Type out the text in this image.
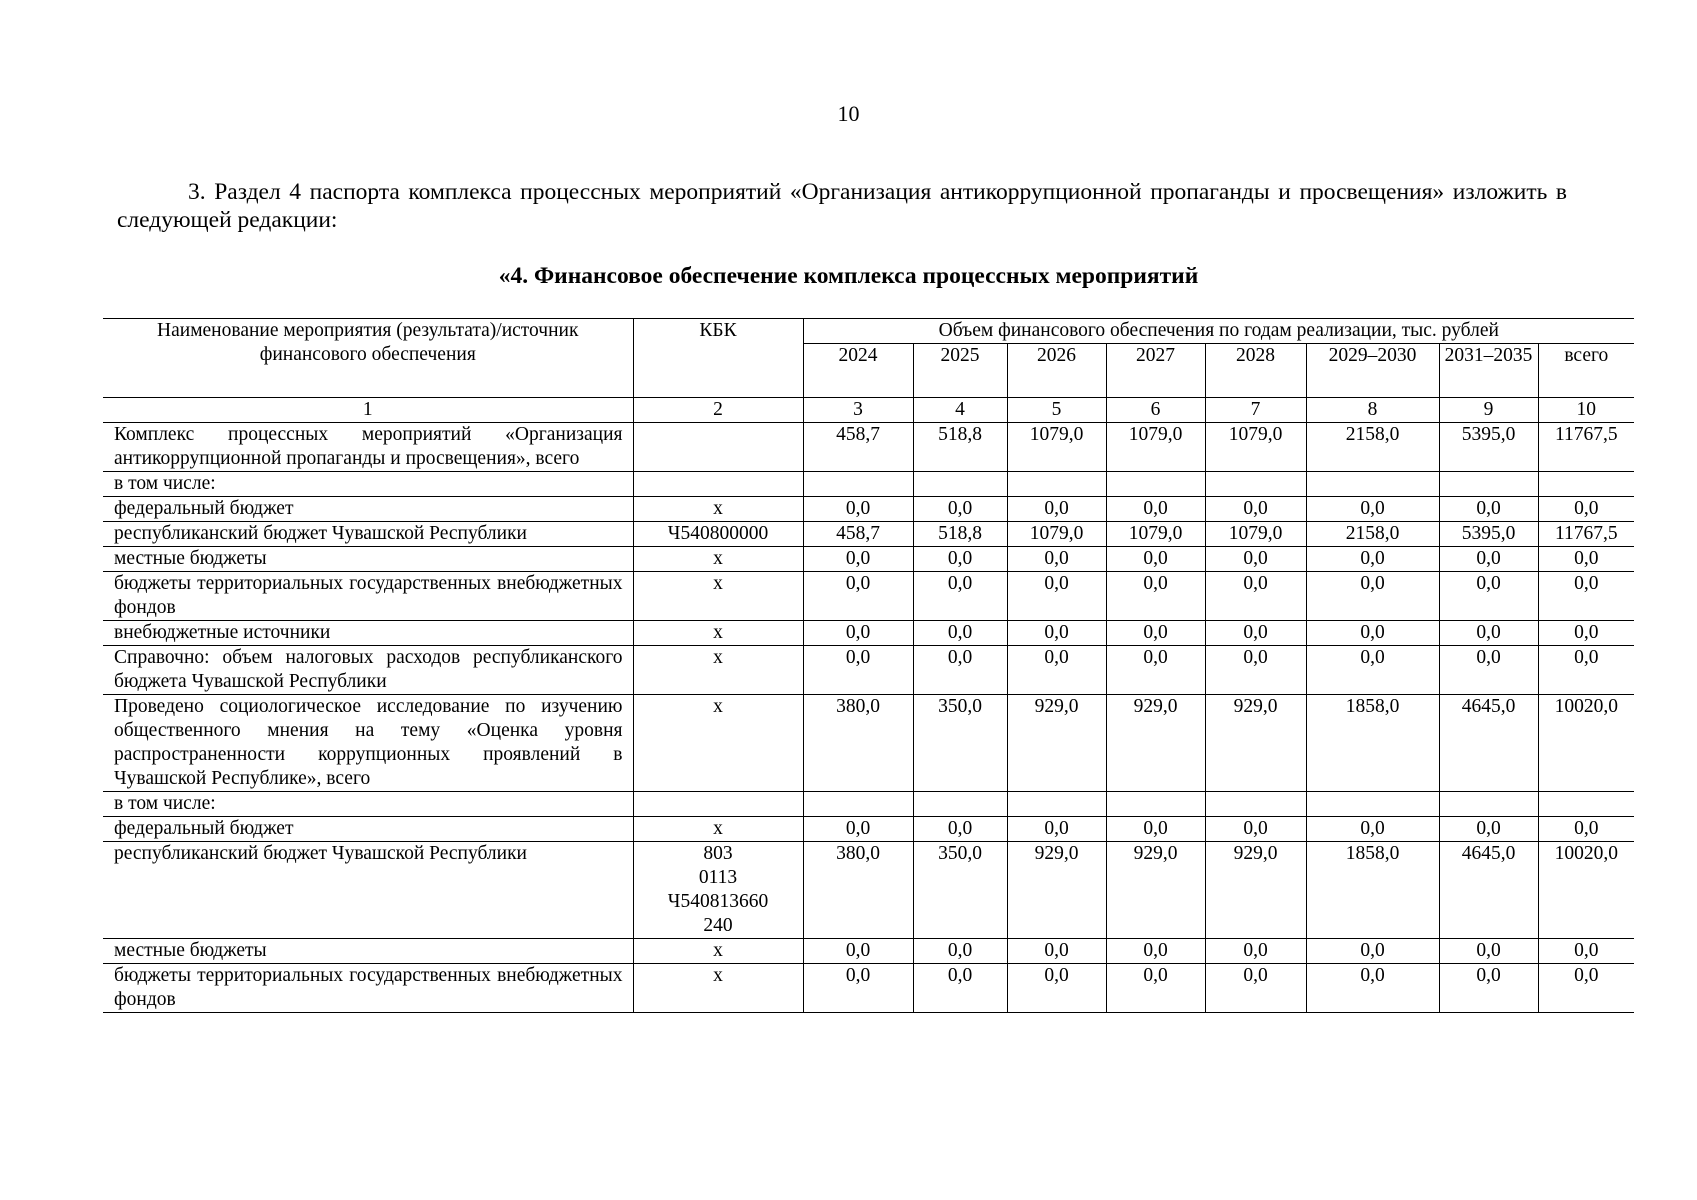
10
3. Раздел 4 паспорта комплекса процессных мероприятий «Организация антикоррупционной пропаганды и просвещения» изложить в следующей редакции:
«4. Финансовое обеспечение комплекса процессных мероприятий
Наименование мероприятия (результата)/источник финансового обеспечения	КБК	Объем финансового обеспечения по годам реализации, тыс. рублей							
		2024	2025	2026	2027	2028	2029–2030	2031–2035	всего
1	2	3	4	5	6	7	8	9	10
Комплекс процессных мероприятий «Организация антикоррупционной пропаганды и просвещения», всего		458,7	518,8	1079,0	1079,0	1079,0	2158,0	5395,0	11767,5
в том числе:									
федеральный бюджет	х	0,0	0,0	0,0	0,0	0,0	0,0	0,0	0,0
республиканский бюджет Чувашской Республики	Ч540800000	458,7	518,8	1079,0	1079,0	1079,0	2158,0	5395,0	11767,5
местные бюджеты	х	0,0	0,0	0,0	0,0	0,0	0,0	0,0	0,0
бюджеты территориальных государственных внебюджетных фондов	х	0,0	0,0	0,0	0,0	0,0	0,0	0,0	0,0
внебюджетные источники	х	0,0	0,0	0,0	0,0	0,0	0,0	0,0	0,0
Справочно: объем налоговых расходов республиканского бюджета Чувашской Республики	х	0,0	0,0	0,0	0,0	0,0	0,0	0,0	0,0
Проведено социологическое исследование по изучению общественного мнения на тему «Оценка уровня распространенности коррупционных проявлений в Чувашской Республике», всего	х	380,0	350,0	929,0	929,0	929,0	1858,0	4645,0	10020,0
в том числе:									
федеральный бюджет	х	0,0	0,0	0,0	0,0	0,0	0,0	0,0	0,0
республиканский бюджет Чувашской Республики	803 0113 Ч540813660 240	380,0	350,0	929,0	929,0	929,0	1858,0	4645,0	10020,0
местные бюджеты	х	0,0	0,0	0,0	0,0	0,0	0,0	0,0	0,0
бюджеты территориальных государственных внебюджетных фондов	х	0,0	0,0	0,0	0,0	0,0	0,0	0,0	0,0
